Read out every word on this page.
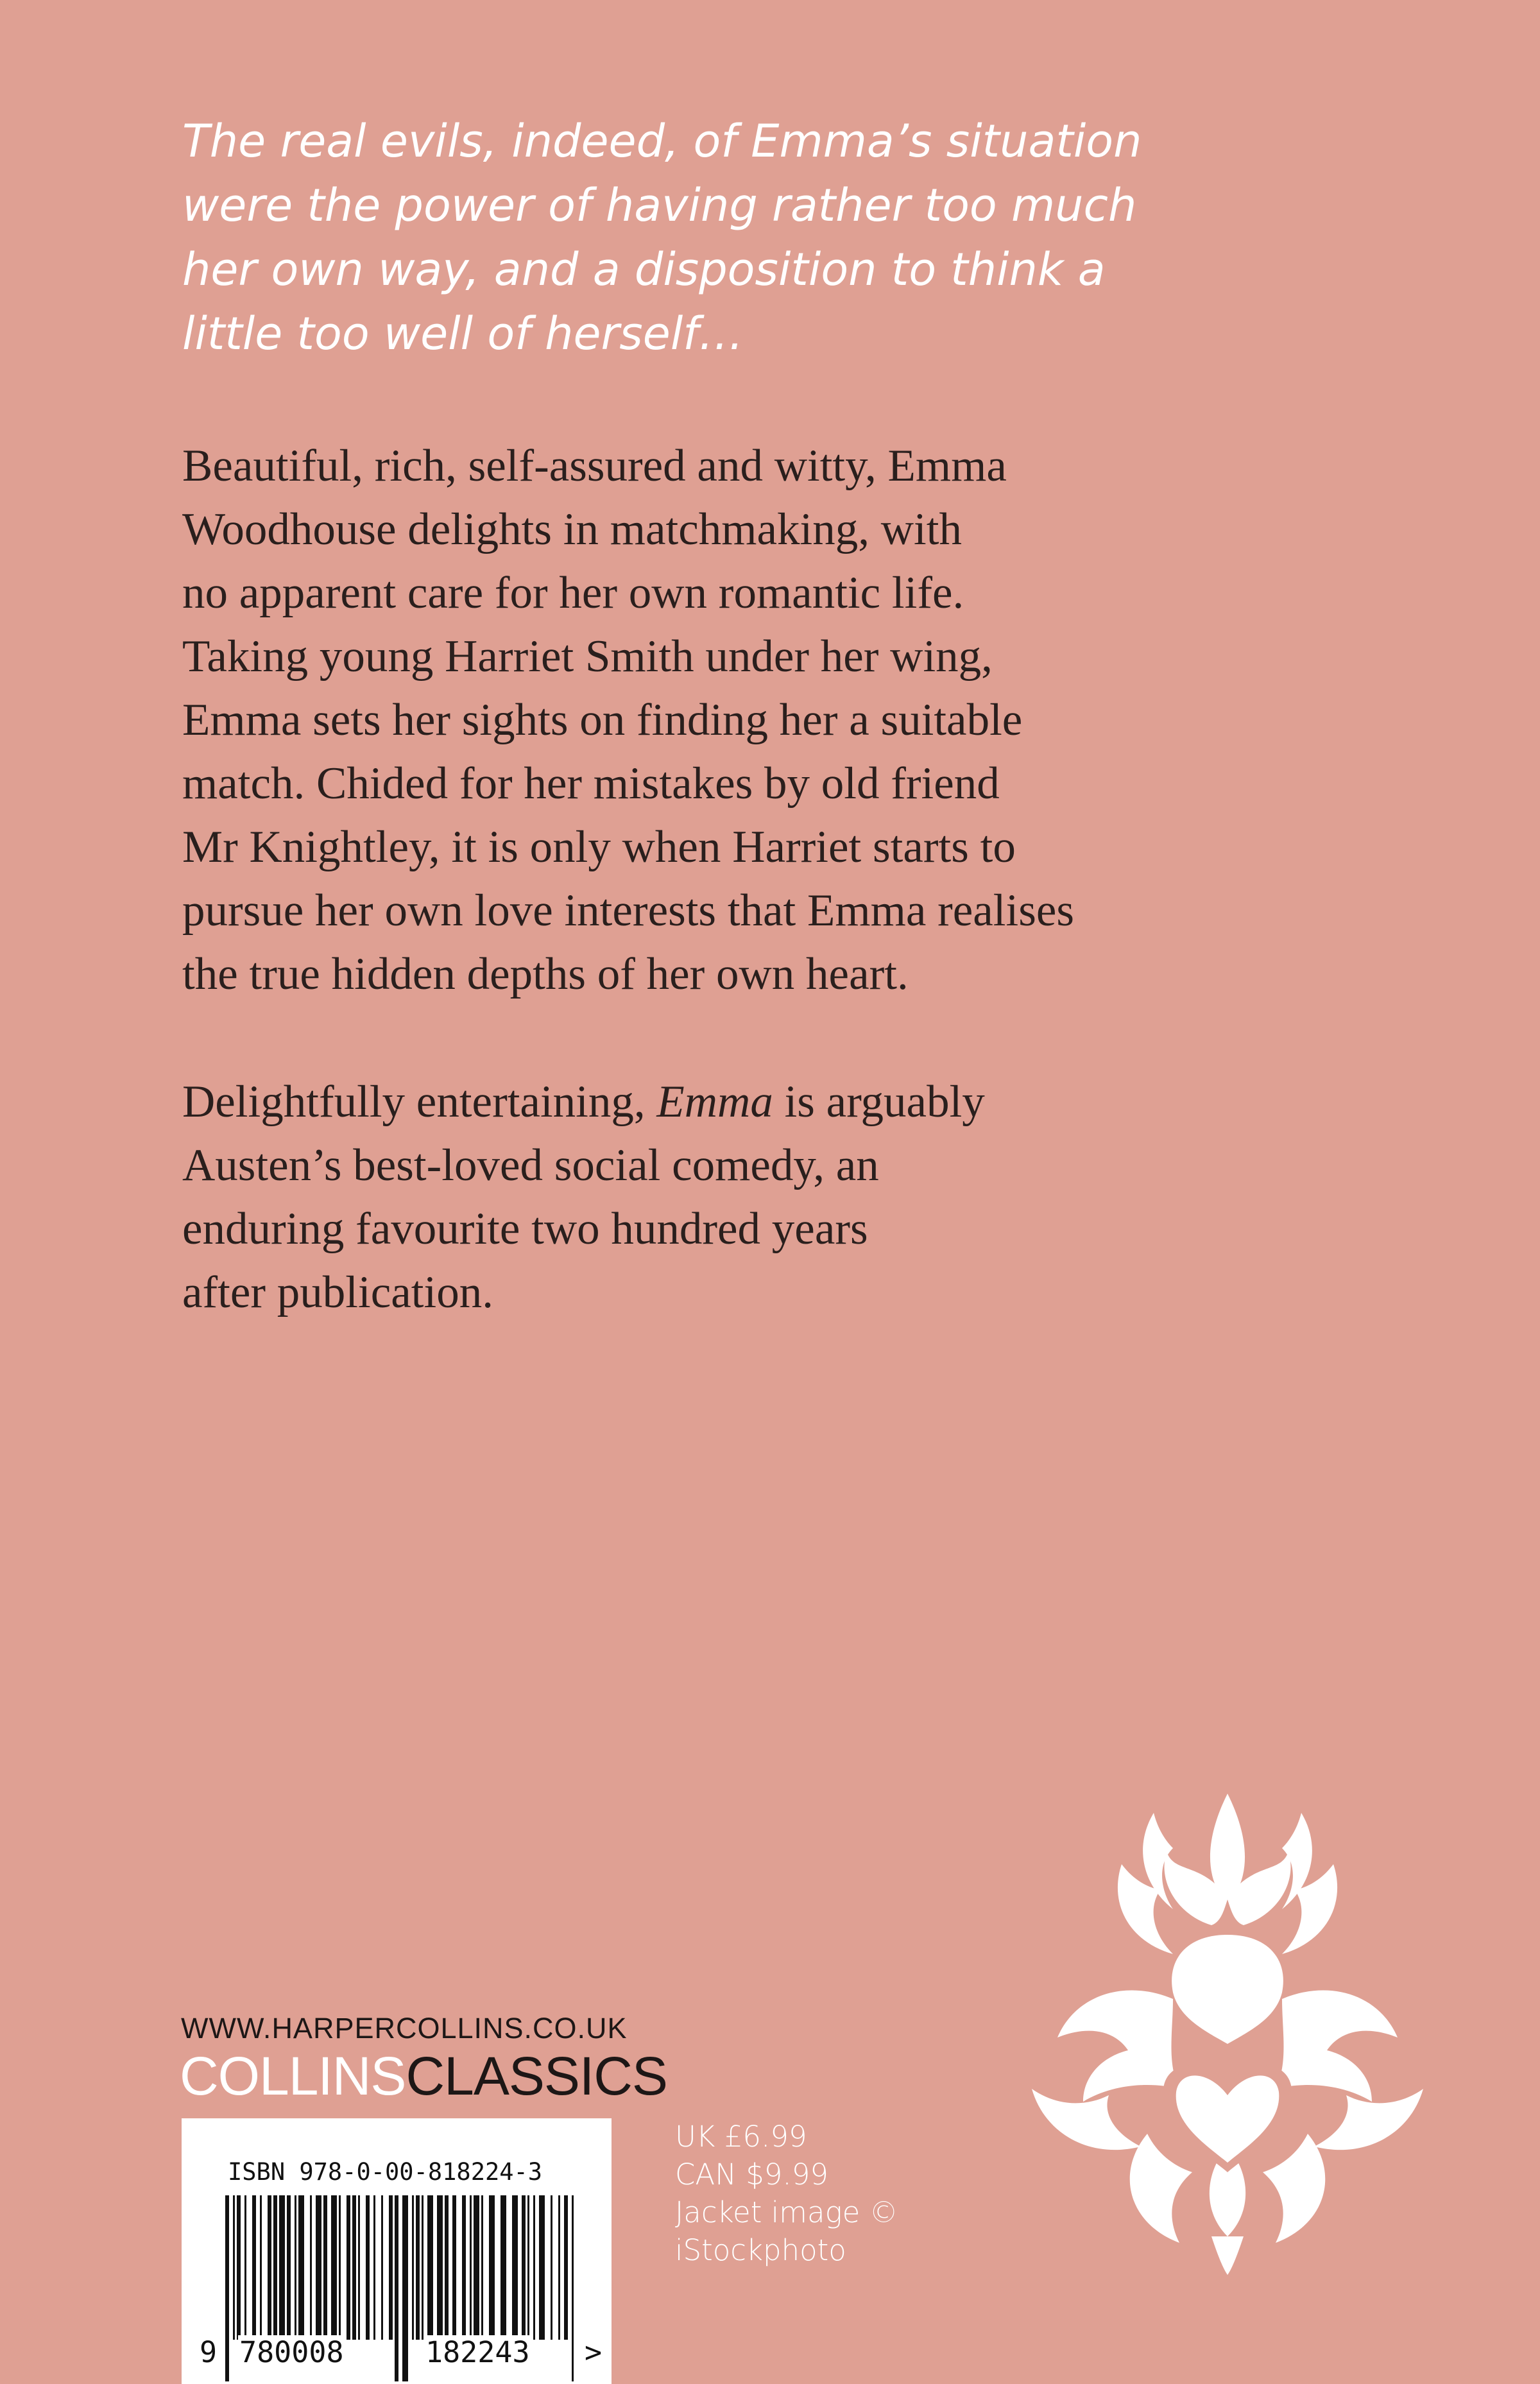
The real evils, indeed, of Emma’s situation
were the power of having rather too much
her own way, and a disposition to think a
little too well of herself…

Beautiful, rich, self-assured and witty, Emma
Woodhouse delights in matchmaking, with
no apparent care for her own romantic life.
Taking young Harriet Smith under her wing,
Emma sets her sights on finding her a suitable
match. Chided for her mistakes by old friend
Mr Knightley, it is only when Harriet starts to
pursue her own love interests that Emma realises
the true hidden depths of her own heart.

Delightfully entertaining, Emma is arguably
Austen’s best-loved social comedy, an
enduring favourite two hundred years
after publication.

WWW.HARPERCOLLINS.CO.UK
COLLINSCLASSICS
ISBN 978-0-00-818224-3
9 780008	182243 >
UK £6.99
CAN $9.99
Jacket image ©
iStockphoto
